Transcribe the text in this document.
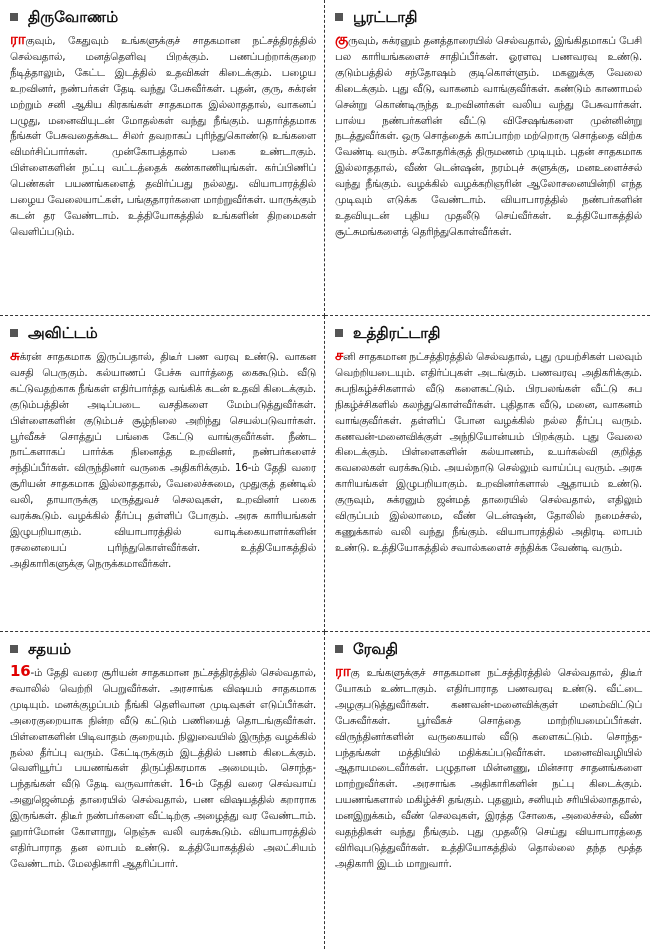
திருவோணம்
ராகுவும், கேதுவும் உங்களுக்குச் சாதகமான நட்சத்திரத்தில் செல்வதால், மனத்தெளிவு பிறக்கும். பணப்பற்றாக்குறை நீடித்தாலும், கேட்ட இடத்தில் உதவிகள் கிடைக்கும். பழைய உறவினர், நண்பர்கள் தேடி வந்து பேசுவீர்கள். புதன், குரு, சுக்ரன் மற்றும் சனி ஆகிய கிரகங்கள் சாதகமாக இல்லாததால், வாகனப் பழுது, மனைவியுடன் மோதல்கள் வந்து நீங்கும். யதார்த்தமாக நீங்கள் பேசுவதைக்கூட சிலர் தவறாகப் புரிந்துகொண்டு உங்களை விமர்சிப்பார்கள். முன்கோபத்தால் பகை உண்டாகும். பிள்ளைகளின் நட்பு வட்டத்தைக் கண்காணியுங்கள். கர்ப்பிணிப் பெண்கள் பயணங்களைத் தவிர்ப்பது நல்லது. வியாபாரத்தில் பழைய வேலையாட்கள், பங்குதாரர்களை மாற்றுவீர்கள். யாருக்கும் கடன் தர வேண்டாம். உத்தியோகத்தில் உங்களின் திறமைகள் வெளிப்படும்.
பூரட்டாதி
குருவும், சுக்ரனும் தனத்தாரையில் செல்வதால், இங்கிதமாகப் பேசி பல காரியங்களைச் சாதிப்பீர்கள். ஓரளவு பணவரவு உண்டு. குடும்பத்தில் சந்தோஷம் குடிகொள்ளும். மகனுக்கு வேலை கிடைக்கும். புது வீடு, வாகனம் வாங்குவீர்கள். கண்டும் காணாமல் சென்று கொண்டிருந்த உறவினர்கள் வலிய வந்து பேசுவார்கள். பால்ய நண்பர்களின் வீட்டு விசேஷங்களை முன்னின்று நடத்துவீர்கள். ஒரு சொத்தைக் காப்பாற்ற மற்றொரு சொத்தை விற்க வேண்டி வரும். சகோதரிக்குத் திருமணம் முடியும். புதன் சாதகமாக இல்லாததால், வீண் டென்ஷன், நரம்புச் சுளுக்கு, மனஉளைச்சல் வந்து நீங்கும். வழக்கில் வழக்கறிஞரின் ஆலோசனையின்றி எந்த முடிவும் எடுக்க வேண்டாம். வியாபாரத்தில் நண்பர்களின் உதவியுடன் புதிய முதலீடு செய்வீர்கள். உத்தியோகத்தில் சூட்சுமங்களைத் தெரிந்துகொள்வீர்கள்.
அவிட்டம்
சுக்ரன் சாதகமாக இருப்பதால், திடீர் பண வரவு உண்டு. வாகன வசதி பெருகும். கல்யாணப் பேச்சு வார்த்தை கைகூடும். வீடு கட்டுவதற்காக நீங்கள் எதிர்பார்த்த வங்கிக் கடன் உதவி கிடைக்கும். குடும்பத்தின் அடிப்படை வசதிகளை மேம்படுத்துவீர்கள். பிள்ளைகளின் குடும்பச் சூழ்நிலை அறிந்து செயல்படுவார்கள். பூர்வீகச் சொத்துப் பங்கை கேட்டு வாங்குவீர்கள். நீண்ட நாட்களாகப் பார்க்க நினைத்த உறவினர், நண்பர்களைச் சந்திப்பீர்கள். விருந்தினர் வருகை அதிகரிக்கும். 16-ம் தேதி வரை சூரியன் சாதகமாக இல்லாததால், வேலைச்சுமை, முதுகுத் தண்டில் வலி, தாயாருக்கு மருத்துவச் செலவுகள், உறவினர் பகை வரக்கூடும். வழக்கில் தீர்ப்பு தள்ளிப் போகும். அரசு காரியங்கள் இழுபறியாகும். வியாபாரத்தில் வாடிக்கையாளர்களின் ரசனையைப் புரிந்துகொள்வீர்கள். உத்தியோகத்தில் அதிகாரிகளுக்கு நெருக்கமாவீர்கள்.
உத்திரட்டாதி
சனி சாதகமான நட்சத்திரத்தில் செல்வதால், புது முயற்சிகள் பலவும் வெற்றியடையும். எதிர்ப்புகள் அடங்கும். பணவரவு அதிகரிக்கும். சுபநிகழ்ச்சிகளால் வீடு களைகட்டும். பிரபலங்கள் வீட்டு சுப நிகழ்ச்சிகளில் கலந்துகொள்வீர்கள். புதிதாக வீடு, மனை, வாகனம் வாங்குவீர்கள். தள்ளிப் போன வழக்கில் நல்ல தீர்ப்பு வரும். கணவன்-மனைவிக்குள் அந்நியோன்யம் பிறக்கும். புது வேலை கிடைக்கும். பிள்ளைகளின் கல்யாணம், உயர்கல்வி குறித்த கவலைகள் வரக்கூடும். அயல்நாடு செல்லும் வாய்ப்பு வரும். அரசு காரியங்கள் இழுபறியாகும். உறவினர்களால் ஆதாயம் உண்டு. குருவும், சுக்ரனும் ஜன்மத் தாரையில் செல்வதால், எதிலும் விருப்பம் இல்லாமை, வீண் டென்ஷன், தோலில் நமைச்சல், கணுக்கால் வலி வந்து நீங்கும். வியாபாரத்தில் அதிரடி லாபம் உண்டு. உத்தியோகத்தில் சவால்களைச் சந்திக்க வேண்டி வரும்.
சதயம்
16-ம் தேதி வரை சூரியன் சாதகமான நட்சத்திரத்தில் செல்வதால், சவாலில் வெற்றி பெறுவீர்கள். அரசாங்க விஷயம் சாதகமாக முடியும். மனக்குழப்பம் நீங்கி தெளிவான முடிவுகள் எடுப்பீர்கள். அரைகுறையாக நின்ற வீடு கட்டும் பணியைத் தொடங்குவீர்கள். பிள்ளைகளின் பிடிவாதம் குறையும். நிலுவையில் இருந்த வழக்கில் நல்ல தீர்ப்பு வரும். கேட்டிருக்கும் இடத்தில் பணம் கிடைக்கும். வெளியூர்ப் பயணங்கள் திருப்திகரமாக அமையும். சொந்த-பந்தங்கள் வீடு தேடி வருவார்கள். 16-ம் தேதி வரை செவ்வாய் அனுஜென்மத் தாரையில் செல்வதால், பண விஷயத்தில் கறாராக இருங்கள். திடீர் நண்பர்களை வீட்டிற்கு அழைத்து வர வேண்டாம். ஹார்மோன் கோளாறு, நெஞ்சு வலி வரக்கூடும். வியாபாரத்தில் எதிர்பாராத தன லாபம் உண்டு. உத்தியோகத்தில் அலட்சியம் வேண்டாம். மேலதிகாரி ஆதரிப்பார்.
ரேவதி
ராகு உங்களுக்குச் சாதகமான நட்சத்திரத்தில் செல்வதால், திடீர் யோகம் உண்டாகும். எதிர்பாராத பணவரவு உண்டு. வீட்டை அழகுபடுத்துவீர்கள். கணவன்-மனைவிக்குள் மனம்விட்டுப் பேசுவீர்கள். பூர்வீகச் சொத்தை மாற்றியமைப்பீர்கள். விருந்தினர்களின் வருகையால் வீடு களைகட்டும். சொந்த-பந்தங்கள் மத்தியில் மதிக்கப்படுவீர்கள். மனைவிவழியில் ஆதாயமடைவீர்கள். பழுதான மின்னணு, மின்சார சாதனங்களை மாற்றுவீர்கள். அரசாங்க அதிகாரிகளின் நட்பு கிடைக்கும். பயணங்களால் மகிழ்ச்சி தங்கும். புதனும், சனியும் சரியில்லாததால், மனஇறுக்கம், வீண் செலவுகள், இரத்த சோகை, அலைச்சல், வீண் வதந்திகள் வந்து நீங்கும். புது முதலீடு செய்து வியாபாரத்தை விரிவுபடுத்துவீர்கள். உத்தியோகத்தில் தொல்லை தந்த மூத்த அதிகாரி இடம் மாறுவார்.
